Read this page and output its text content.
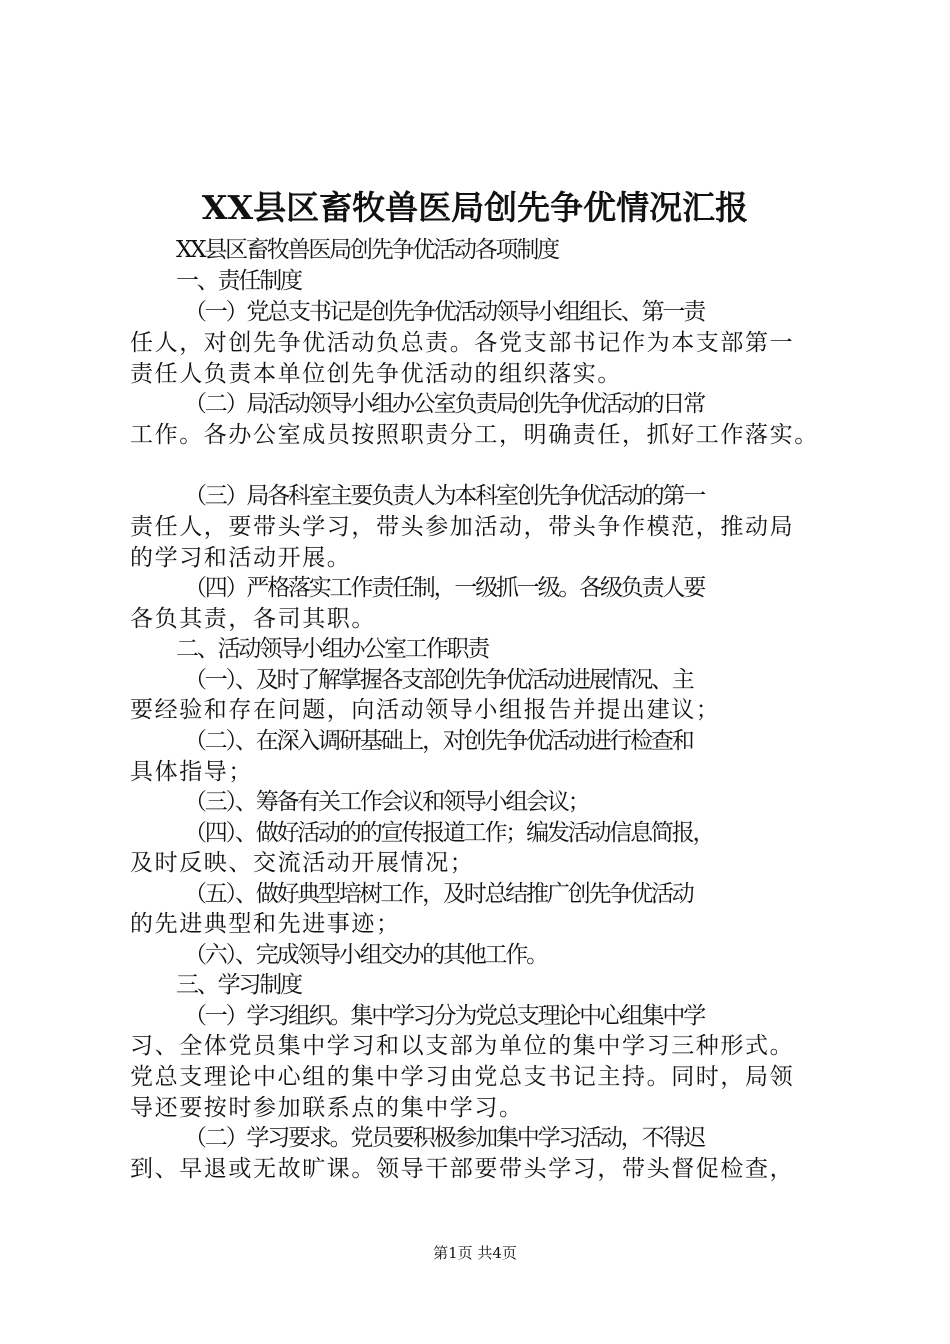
XX县区畜牧兽医局创先争优情况汇报

XX县区畜牧兽医局创先争优活动各项制度

一、责任制度

（一）党总支书记是创先争优活动领导小组组长、第一责

任人，对创先争优活动负总责。各党支部书记作为本支部第一

责任人负责本单位创先争优活动的组织落实。

（二）局活动领导小组办公室负责局创先争优活动的日常

工作。各办公室成员按照职责分工，明确责任，抓好工作落实。

（三）局各科室主要负责人为本科室创先争优活动的第一

责任人，要带头学习，带头参加活动，带头争作模范，推动局

的学习和活动开展。

（四）严格落实工作责任制，一级抓一级。各级负责人要

各负其责，各司其职。

二、活动领导小组办公室工作职责

（一）、及时了解掌握各支部创先争优活动进展情况、主

要经验和存在问题，向活动领导小组报告并提出建议；

（二）、在深入调研基础上，对创先争优活动进行检查和

具体指导；

（三）、筹备有关工作会议和领导小组会议；

（四）、做好活动的的宣传报道工作；编发活动信息简报，

及时反映、交流活动开展情况；

（五）、做好典型培树工作，及时总结推广创先争优活动

的先进典型和先进事迹；

（六）、完成领导小组交办的其他工作。

三、学习制度

（一）学习组织。集中学习分为党总支理论中心组集中学

习、全体党员集中学习和以支部为单位的集中学习三种形式。

党总支理论中心组的集中学习由党总支书记主持。同时，局领

导还要按时参加联系点的集中学习。

（二）学习要求。党员要积极参加集中学习活动，不得迟

到、早退或无故旷课。领导干部要带头学习，带头督促检查，

第1页 共4页
